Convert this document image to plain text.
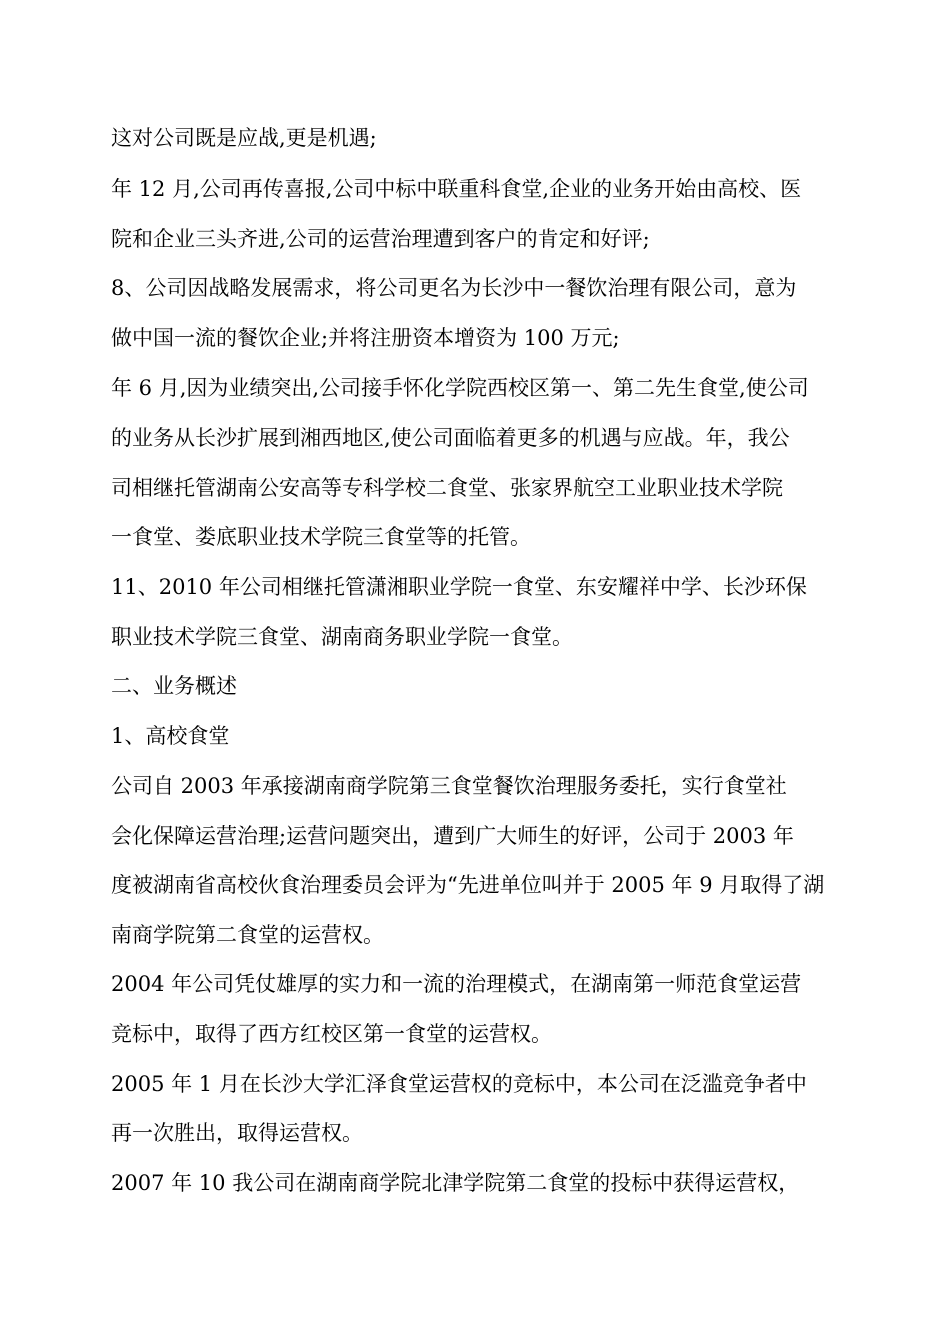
这对公司既是应战,更是机遇;

年 12 月,公司再传喜报,公司中标中联重科食堂,企业的业务开始由高校、医

院和企业三头齐进,公司的运营治理遭到客户的肯定和好评;

8、公司因战略发展需求，将公司更名为长沙中一餐饮治理有限公司，意为

做中国一流的餐饮企业;并将注册资本增资为 100 万元;

年 6 月,因为业绩突出,公司接手怀化学院西校区第一、第二先生食堂,使公司

的业务从长沙扩展到湘西地区,使公司面临着更多的机遇与应战。年，我公

司相继托管湖南公安高等专科学校二食堂、张家界航空工业职业技术学院

一食堂、娄底职业技术学院三食堂等的托管。

11、2010 年公司相继托管潇湘职业学院一食堂、东安耀祥中学、长沙环保

职业技术学院三食堂、湖南商务职业学院一食堂。

二、业务概述

1、高校食堂

公司自 2003 年承接湖南商学院第三食堂餐饮治理服务委托，实行食堂社

会化保障运营治理;运营问题突出，遭到广大师生的好评，公司于 2003 年

度被湖南省高校伙食治理委员会评为“先进单位叫并于 2005 年 9 月取得了湖

南商学院第二食堂的运营权。

2004 年公司凭仗雄厚的实力和一流的治理模式，在湖南第一师范食堂运营

竞标中，取得了西方红校区第一食堂的运营权。

2005 年 1 月在长沙大学汇泽食堂运营权的竞标中，本公司在泛滥竞争者中

再一次胜出，取得运营权。

2007 年 10 我公司在湖南商学院北津学院第二食堂的投标中获得运营权，
